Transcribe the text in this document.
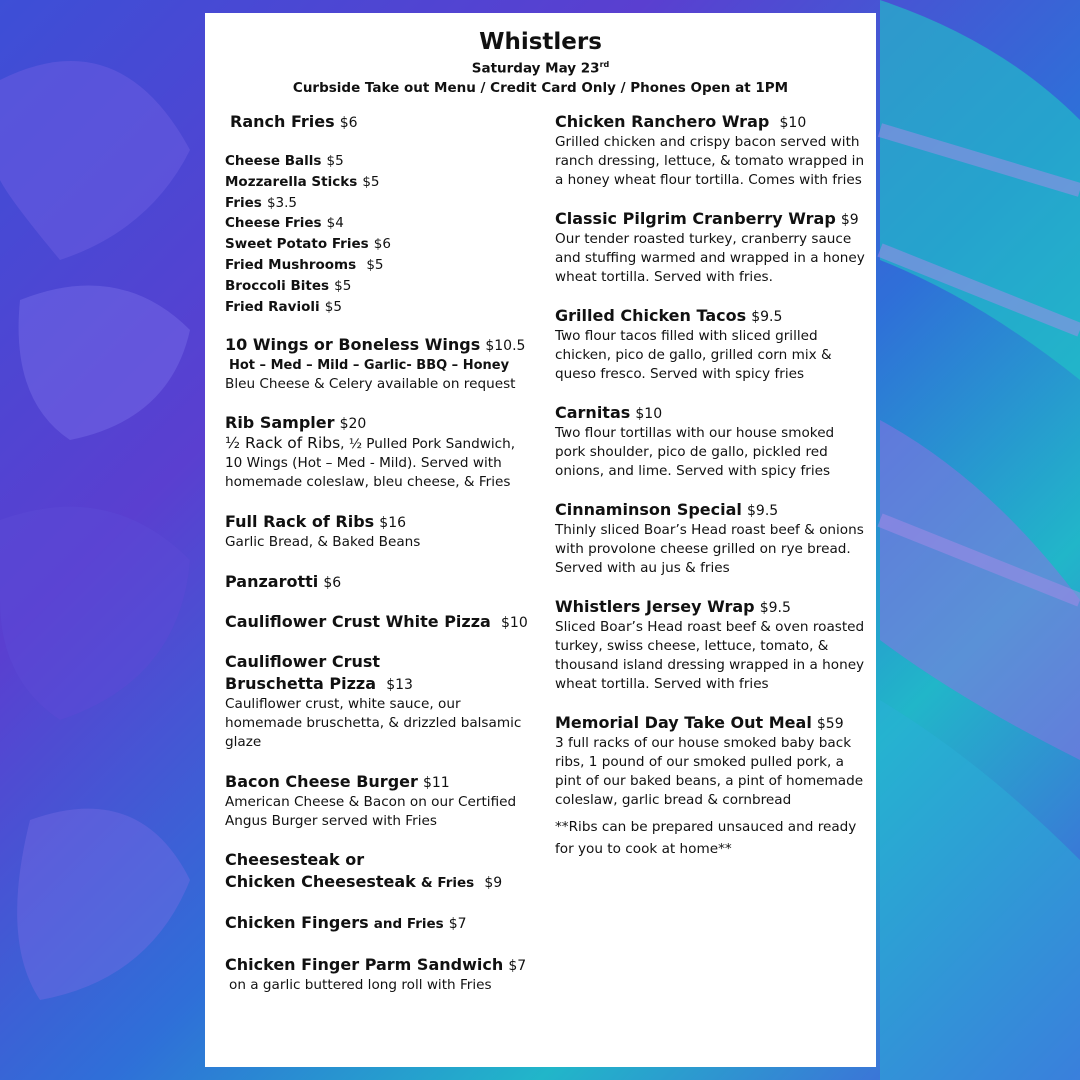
Whistlers
Saturday May 23rd
Curbside Take out Menu / Credit Card Only / Phones Open at 1PM
Ranch Fries $6
Cheese Balls $5
Mozzarella Sticks $5
Fries $3.5
Cheese Fries $4
Sweet Potato Fries $6
Fried Mushrooms $5
Broccoli Bites $5
Fried Ravioli $5
10 Wings or Boneless Wings $10.5
Hot – Med – Mild – Garlic- BBQ – Honey
Bleu Cheese & Celery available on request
Rib Sampler $20
½ Rack of Ribs, ½ Pulled Pork Sandwich, 10 Wings (Hot – Med - Mild). Served with homemade coleslaw, bleu cheese, & Fries
Full Rack of Ribs $16
Garlic Bread, & Baked Beans
Panzarotti $6
Cauliflower Crust White Pizza $10
Cauliflower Crust
Bruschetta Pizza $13
Cauliflower crust, white sauce, our homemade bruschetta, & drizzled balsamic glaze
Bacon Cheese Burger $11
American Cheese & Bacon on our Certified Angus Burger served with Fries
Cheesesteak or
Chicken Cheesesteak & Fries $9
Chicken Fingers and Fries $7
Chicken Finger Parm Sandwich $7
on a garlic buttered long roll with Fries
Chicken Ranchero Wrap $10
Grilled chicken and crispy bacon served with ranch dressing, lettuce, & tomato wrapped in a honey wheat flour tortilla. Comes with fries
Classic Pilgrim Cranberry Wrap $9
Our tender roasted turkey, cranberry sauce and stuffing warmed and wrapped in a honey wheat tortilla. Served with fries.
Grilled Chicken Tacos $9.5
Two flour tacos filled with sliced grilled chicken, pico de gallo, grilled corn mix & queso fresco. Served with spicy fries
Carnitas $10
Two flour tortillas with our house smoked pork shoulder, pico de gallo, pickled red onions, and lime. Served with spicy fries
Cinnaminson Special $9.5
Thinly sliced Boar’s Head roast beef & onions with provolone cheese grilled on rye bread. Served with au jus & fries
Whistlers Jersey Wrap $9.5
Sliced Boar’s Head roast beef & oven roasted turkey, swiss cheese, lettuce, tomato, & thousand island dressing wrapped in a honey wheat tortilla. Served with fries
Memorial Day Take Out Meal $59
3 full racks of our house smoked baby back ribs, 1 pound of our smoked pulled pork, a pint of our baked beans, a pint of homemade coleslaw, garlic bread & cornbread
**Ribs can be prepared unsauced and ready for you to cook at home**
